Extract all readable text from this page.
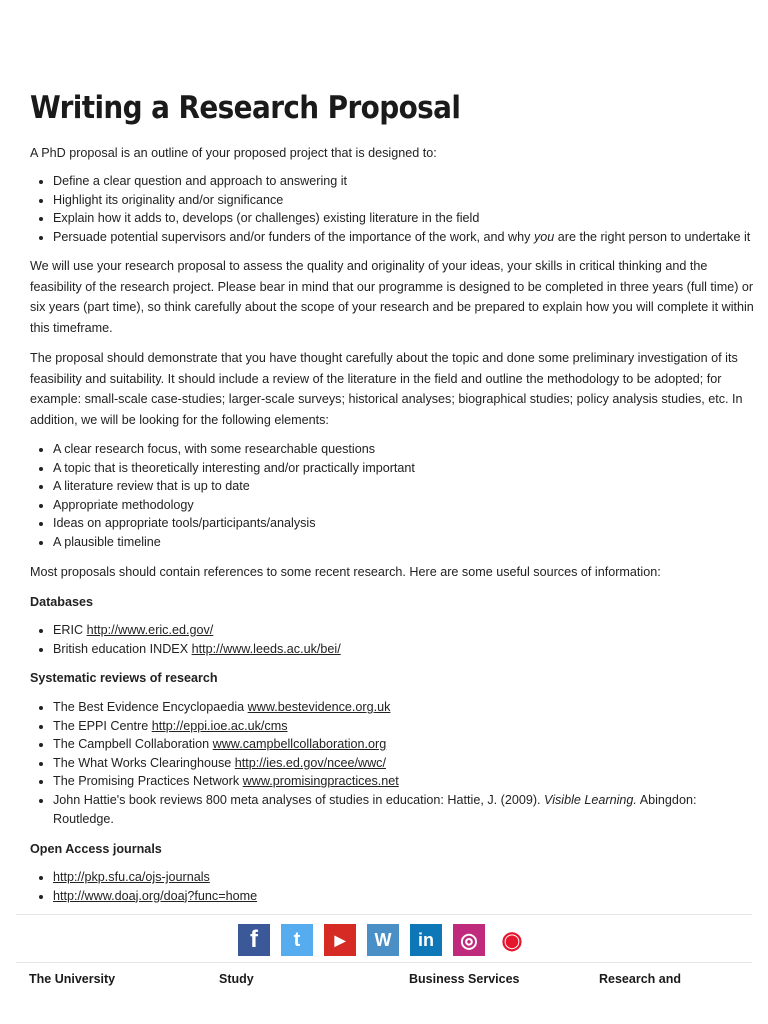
Writing a Research Proposal

A PhD proposal is an outline of your proposed project that is designed to:

Define a clear question and approach to answering it
Highlight its originality and/or significance
Explain how it adds to, develops (or challenges) existing literature in the field
Persuade potential supervisors and/or funders of the importance of the work, and why you are the right person to undertake it

We will use your research proposal to assess the quality and originality of your ideas, your skills in critical thinking and the
feasibility of the research project. Please bear in mind that our programme is designed to be completed in three years (full time) or
six years (part time), so think carefully about the scope of your research and be prepared to explain how you will complete it within
this timeframe.

The proposal should demonstrate that you have thought carefully about the topic and done some preliminary investigation of its
feasibility and suitability. It should include a review of the literature in the field and outline the methodology to be adopted; for
example: small-scale case-studies; larger-scale surveys; historical analyses; biographical studies; policy analysis studies, etc. In
addition, we will be looking for the following elements:

A clear research focus, with some researchable questions
A topic that is theoretically interesting and/or practically important
A literature review that is up to date
Appropriate methodology
Ideas on appropriate tools/participants/analysis
A plausible timeline

Most proposals should contain references to some recent research. Here are some useful sources of information:

Databases

ERIC http://www.eric.ed.gov/
British education INDEX http://www.leeds.ac.uk/bei/

Systematic reviews of research

The Best Evidence Encyclopaedia www.bestevidence.org.uk
The EPPI Centre http://eppi.ioe.ac.uk/cms
The Campbell Collaboration www.campbellcollaboration.org
The What Works Clearinghouse http://ies.ed.gov/ncee/wwc/
The Promising Practices Network www.promisingpractices.net
John Hattie's book reviews 800 meta analyses of studies in education: Hattie, J. (2009). Visible Learning. Abingdon:
Routledge.

Open Access journals

http://pkp.sfu.ca/ojs-journals
http://www.doaj.org/doaj?func=home
f t ▶ W in ◎ ◉
The University	Study	Business Services	Research and
